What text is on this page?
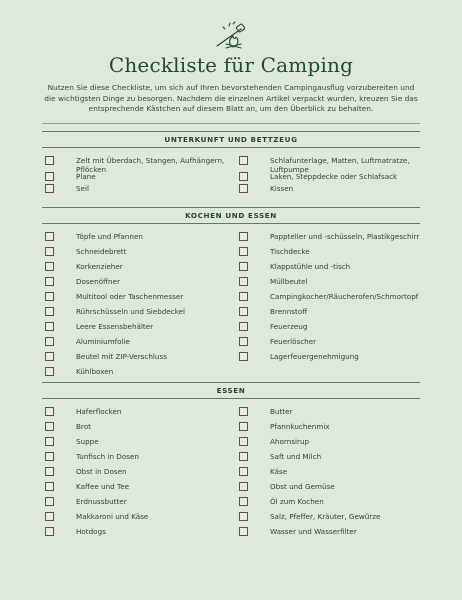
Checkliste für Camping
Nutzen Sie diese Checkliste, um sich auf Ihren bevorstehenden Campingausflug vorzubereiten und die wichtigsten Dinge zu besorgen. Nachdem die einzelnen Artikel verpackt wurden, kreuzen Sie das entsprechende Kästchen auf diesem Blatt an, um den Überblick zu behalten.
UNTERKUNFT UND BETTZEUG
Zelt mit Überdach, Stangen, Aufhängern, Pflöcken
Plane
Seil
Schlafunterlage, Matten, Luftmatratze, Luftpumpe
Laken, Steppdecke oder Schlafsack
Kissen
KOCHEN UND ESSEN
Töpfe und Pfannen
Schneidebrett
Korkenzieher
Dosenöffner
Multitool oder Taschenmesser
Rührschüsseln und Siebdeckel
Leere Essensbehälter
Aluminiumfolie
Beutel mit ZIP-Verschluss
Kühlboxen
Pappteller und -schüsseln, Plastikgeschirr
Tischdecke
Klappstühle und -tisch
Müllbeutel
Campingkocher/Räucherofen/Schmortopf
Brennstoff
Feuerzeug
Feuerlöscher
Lagerfeuergenehmigung
ESSEN
Haferflocken
Brot
Suppe
Tunfisch in Dosen
Obst in Dosen
Kaffee und Tee
Erdnussbutter
Makkaroni und Käse
Hotdogs
Butter
Pfannkuchenmix
Ahornsirup
Saft und Milch
Käse
Obst und Gemüse
Öl zum Kochen
Salz, Pfeffer, Kräuter, Gewürze
Wasser und Wasserfilter
